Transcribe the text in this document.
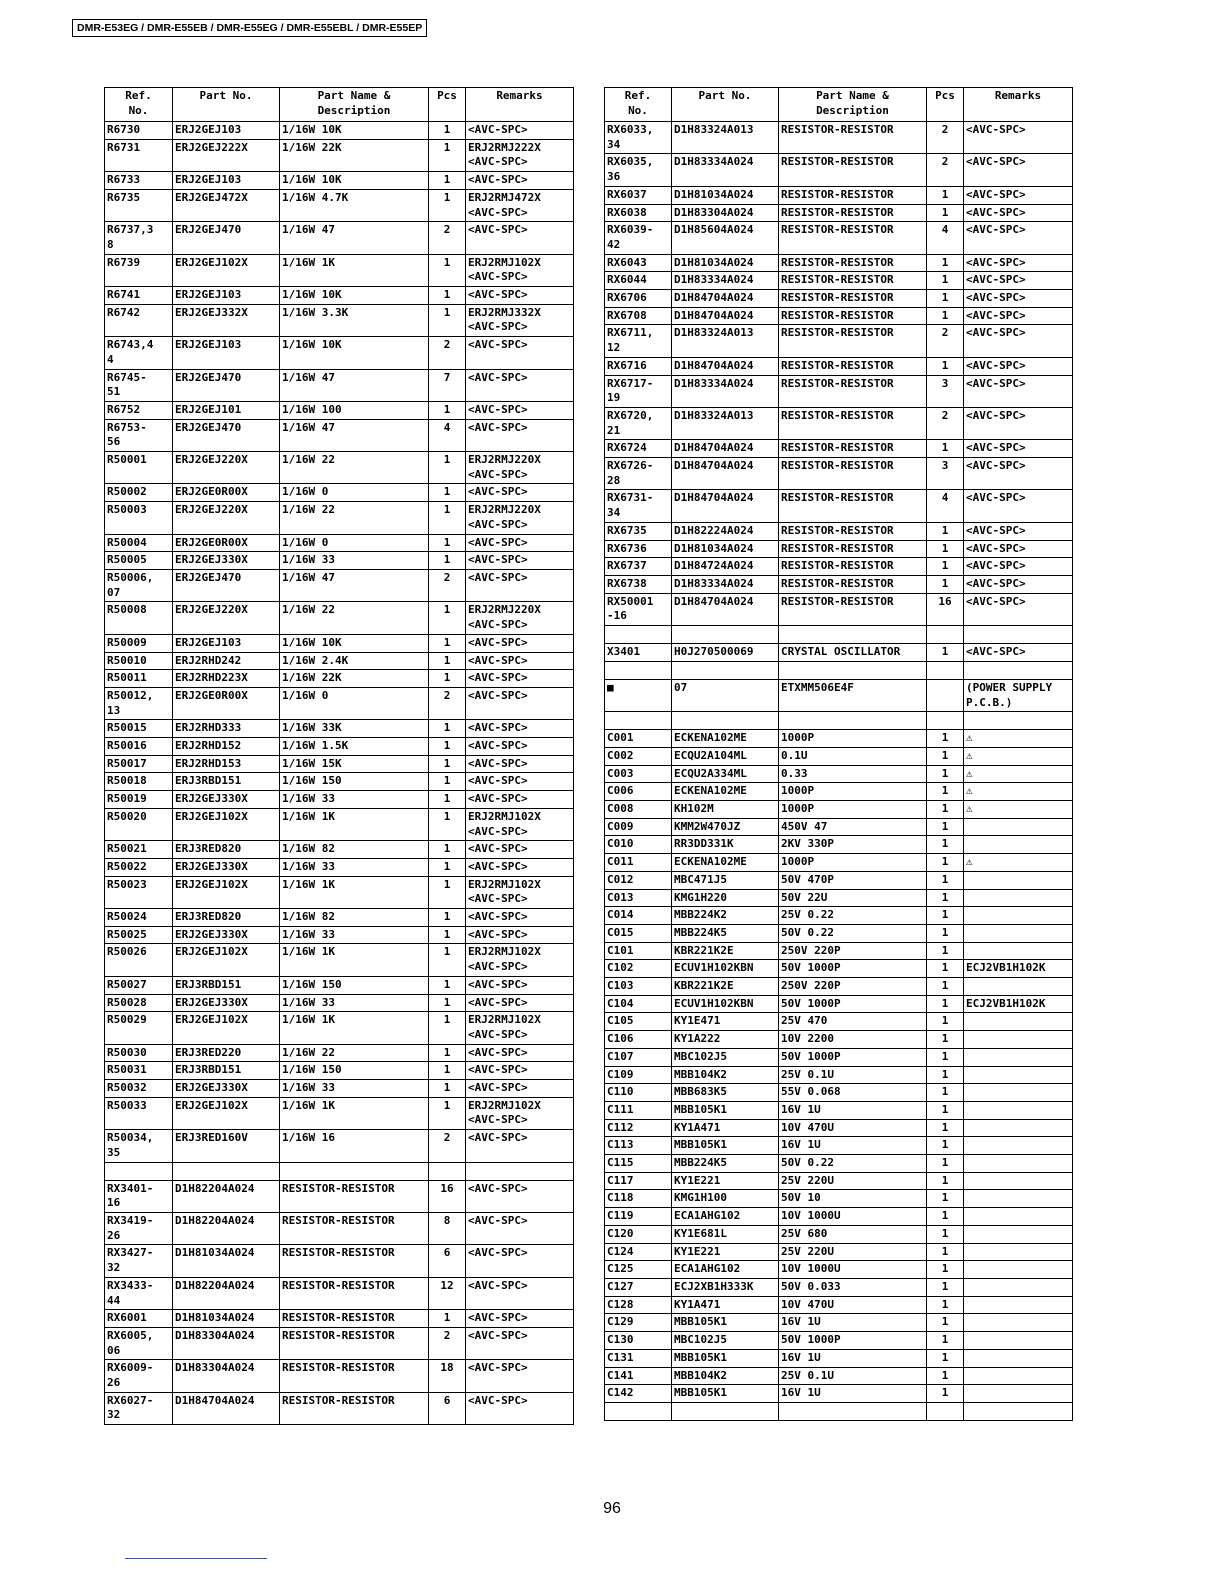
DMR-E53EG / DMR-E55EB / DMR-E55EG / DMR-E55EBL / DMR-E55EP
Ref.
No.	Part No.	Part Name &
Description	Pcs	Remarks
R6730	ERJ2GEJ103	1/16W 10K	1	<AVC-SPC>
R6731	ERJ2GEJ222X	1/16W 22K	1	ERJ2RMJ222X
<AVC-SPC>
R6733	ERJ2GEJ103	1/16W 10K	1	<AVC-SPC>
R6735	ERJ2GEJ472X	1/16W 4.7K	1	ERJ2RMJ472X
<AVC-SPC>
R6737,3
8	ERJ2GEJ470	1/16W 47	2	<AVC-SPC>
R6739	ERJ2GEJ102X	1/16W 1K	1	ERJ2RMJ102X
<AVC-SPC>
R6741	ERJ2GEJ103	1/16W 10K	1	<AVC-SPC>
R6742	ERJ2GEJ332X	1/16W 3.3K	1	ERJ2RMJ332X
<AVC-SPC>
R6743,4
4	ERJ2GEJ103	1/16W 10K	2	<AVC-SPC>
R6745-
51	ERJ2GEJ470	1/16W 47	7	<AVC-SPC>
R6752	ERJ2GEJ101	1/16W 100	1	<AVC-SPC>
R6753-
56	ERJ2GEJ470	1/16W 47	4	<AVC-SPC>
R50001	ERJ2GEJ220X	1/16W 22	1	ERJ2RMJ220X
<AVC-SPC>
R50002	ERJ2GE0R00X	1/16W 0	1	<AVC-SPC>
R50003	ERJ2GEJ220X	1/16W 22	1	ERJ2RMJ220X
<AVC-SPC>
R50004	ERJ2GE0R00X	1/16W 0	1	<AVC-SPC>
R50005	ERJ2GEJ330X	1/16W 33	1	<AVC-SPC>
R50006,
07	ERJ2GEJ470	1/16W 47	2	<AVC-SPC>
R50008	ERJ2GEJ220X	1/16W 22	1	ERJ2RMJ220X
<AVC-SPC>
R50009	ERJ2GEJ103	1/16W 10K	1	<AVC-SPC>
R50010	ERJ2RHD242	1/16W 2.4K	1	<AVC-SPC>
R50011	ERJ2RHD223X	1/16W 22K	1	<AVC-SPC>
R50012,
13	ERJ2GE0R00X	1/16W 0	2	<AVC-SPC>
R50015	ERJ2RHD333	1/16W 33K	1	<AVC-SPC>
R50016	ERJ2RHD152	1/16W 1.5K	1	<AVC-SPC>
R50017	ERJ2RHD153	1/16W 15K	1	<AVC-SPC>
R50018	ERJ3RBD151	1/16W 150	1	<AVC-SPC>
R50019	ERJ2GEJ330X	1/16W 33	1	<AVC-SPC>
R50020	ERJ2GEJ102X	1/16W 1K	1	ERJ2RMJ102X
<AVC-SPC>
R50021	ERJ3RED820	1/16W 82	1	<AVC-SPC>
R50022	ERJ2GEJ330X	1/16W 33	1	<AVC-SPC>
R50023	ERJ2GEJ102X	1/16W 1K	1	ERJ2RMJ102X
<AVC-SPC>
R50024	ERJ3RED820	1/16W 82	1	<AVC-SPC>
R50025	ERJ2GEJ330X	1/16W 33	1	<AVC-SPC>
R50026	ERJ2GEJ102X	1/16W 1K	1	ERJ2RMJ102X
<AVC-SPC>
R50027	ERJ3RBD151	1/16W 150	1	<AVC-SPC>
R50028	ERJ2GEJ330X	1/16W 33	1	<AVC-SPC>
R50029	ERJ2GEJ102X	1/16W 1K	1	ERJ2RMJ102X
<AVC-SPC>
R50030	ERJ3RED220	1/16W 22	1	<AVC-SPC>
R50031	ERJ3RBD151	1/16W 150	1	<AVC-SPC>
R50032	ERJ2GEJ330X	1/16W 33	1	<AVC-SPC>
R50033	ERJ2GEJ102X	1/16W 1K	1	ERJ2RMJ102X
<AVC-SPC>
R50034,
35	ERJ3RED160V	1/16W 16	2	<AVC-SPC>

RX3401-
16	D1H82204A024	RESISTOR-RESISTOR	16	<AVC-SPC>
RX3419-
26	D1H82204A024	RESISTOR-RESISTOR	8	<AVC-SPC>
RX3427-
32	D1H81034A024	RESISTOR-RESISTOR	6	<AVC-SPC>
RX3433-
44	D1H82204A024	RESISTOR-RESISTOR	12	<AVC-SPC>
RX6001	D1H81034A024	RESISTOR-RESISTOR	1	<AVC-SPC>
RX6005,
06	D1H83304A024	RESISTOR-RESISTOR	2	<AVC-SPC>
RX6009-
26	D1H83304A024	RESISTOR-RESISTOR	18	<AVC-SPC>
RX6027-
32	D1H84704A024	RESISTOR-RESISTOR	6	<AVC-SPC>
Ref.
No.	Part No.	Part Name &
Description	Pcs	Remarks
RX6033,
34	D1H83324A013	RESISTOR-RESISTOR	2	<AVC-SPC>
RX6035,
36	D1H83334A024	RESISTOR-RESISTOR	2	<AVC-SPC>
RX6037	D1H81034A024	RESISTOR-RESISTOR	1	<AVC-SPC>
RX6038	D1H83304A024	RESISTOR-RESISTOR	1	<AVC-SPC>
RX6039-
42	D1H85604A024	RESISTOR-RESISTOR	4	<AVC-SPC>
RX6043	D1H81034A024	RESISTOR-RESISTOR	1	<AVC-SPC>
RX6044	D1H83334A024	RESISTOR-RESISTOR	1	<AVC-SPC>
RX6706	D1H84704A024	RESISTOR-RESISTOR	1	<AVC-SPC>
RX6708	D1H84704A024	RESISTOR-RESISTOR	1	<AVC-SPC>
RX6711,
12	D1H83324A013	RESISTOR-RESISTOR	2	<AVC-SPC>
RX6716	D1H84704A024	RESISTOR-RESISTOR	1	<AVC-SPC>
RX6717-
19	D1H83334A024	RESISTOR-RESISTOR	3	<AVC-SPC>
RX6720,
21	D1H83324A013	RESISTOR-RESISTOR	2	<AVC-SPC>
RX6724	D1H84704A024	RESISTOR-RESISTOR	1	<AVC-SPC>
RX6726-
28	D1H84704A024	RESISTOR-RESISTOR	3	<AVC-SPC>
RX6731-
34	D1H84704A024	RESISTOR-RESISTOR	4	<AVC-SPC>
RX6735	D1H82224A024	RESISTOR-RESISTOR	1	<AVC-SPC>
RX6736	D1H81034A024	RESISTOR-RESISTOR	1	<AVC-SPC>
RX6737	D1H84724A024	RESISTOR-RESISTOR	1	<AVC-SPC>
RX6738	D1H83334A024	RESISTOR-RESISTOR	1	<AVC-SPC>
RX50001
-16	D1H84704A024	RESISTOR-RESISTOR	16	<AVC-SPC>

X3401	H0J270500069	CRYSTAL OSCILLATOR	1	<AVC-SPC>

■	07	ETXMM506E4F		(POWER SUPPLY
P.C.B.)

C001	ECKENA102ME	1000P	1	⚠
C002	ECQU2A104ML	0.1U	1	⚠
C003	ECQU2A334ML	0.33	1	⚠
C006	ECKENA102ME	1000P	1	⚠
C008	KH102M	1000P	1	⚠
C009	KMM2W470JZ	450V 47	1	
C010	RR3DD331K	2KV 330P	1	
C011	ECKENA102ME	1000P	1	⚠
C012	MBC471J5	50V 470P	1	
C013	KMG1H220	50V 22U	1	
C014	MBB224K2	25V 0.22	1	
C015	MBB224K5	50V 0.22	1	
C101	KBR221K2E	250V 220P	1	
C102	ECUV1H102KBN	50V 1000P	1	ECJ2VB1H102K
C103	KBR221K2E	250V 220P	1	
C104	ECUV1H102KBN	50V 1000P	1	ECJ2VB1H102K
C105	KY1E471	25V 470	1	
C106	KY1A222	10V 2200	1	
C107	MBC102J5	50V 1000P	1	
C109	MBB104K2	25V 0.1U	1	
C110	MBB683K5	55V 0.068	1	
C111	MBB105K1	16V 1U	1	
C112	KY1A471	10V 470U	1	
C113	MBB105K1	16V 1U	1	
C115	MBB224K5	50V 0.22	1	
C117	KY1E221	25V 220U	1	
C118	KMG1H100	50V 10	1	
C119	ECA1AHG102	10V 1000U	1	
C120	KY1E681L	25V 680	1	
C124	KY1E221	25V 220U	1	
C125	ECA1AHG102	10V 1000U	1	
C127	ECJ2XB1H333K	50V 0.033	1	
C128	KY1A471	10V 470U	1	
C129	MBB105K1	16V 1U	1	
C130	MBC102J5	50V 1000P	1	
C131	MBB105K1	16V 1U	1	
C141	MBB104K2	25V 0.1U	1	
C142	MBB105K1	16V 1U	1	

96
